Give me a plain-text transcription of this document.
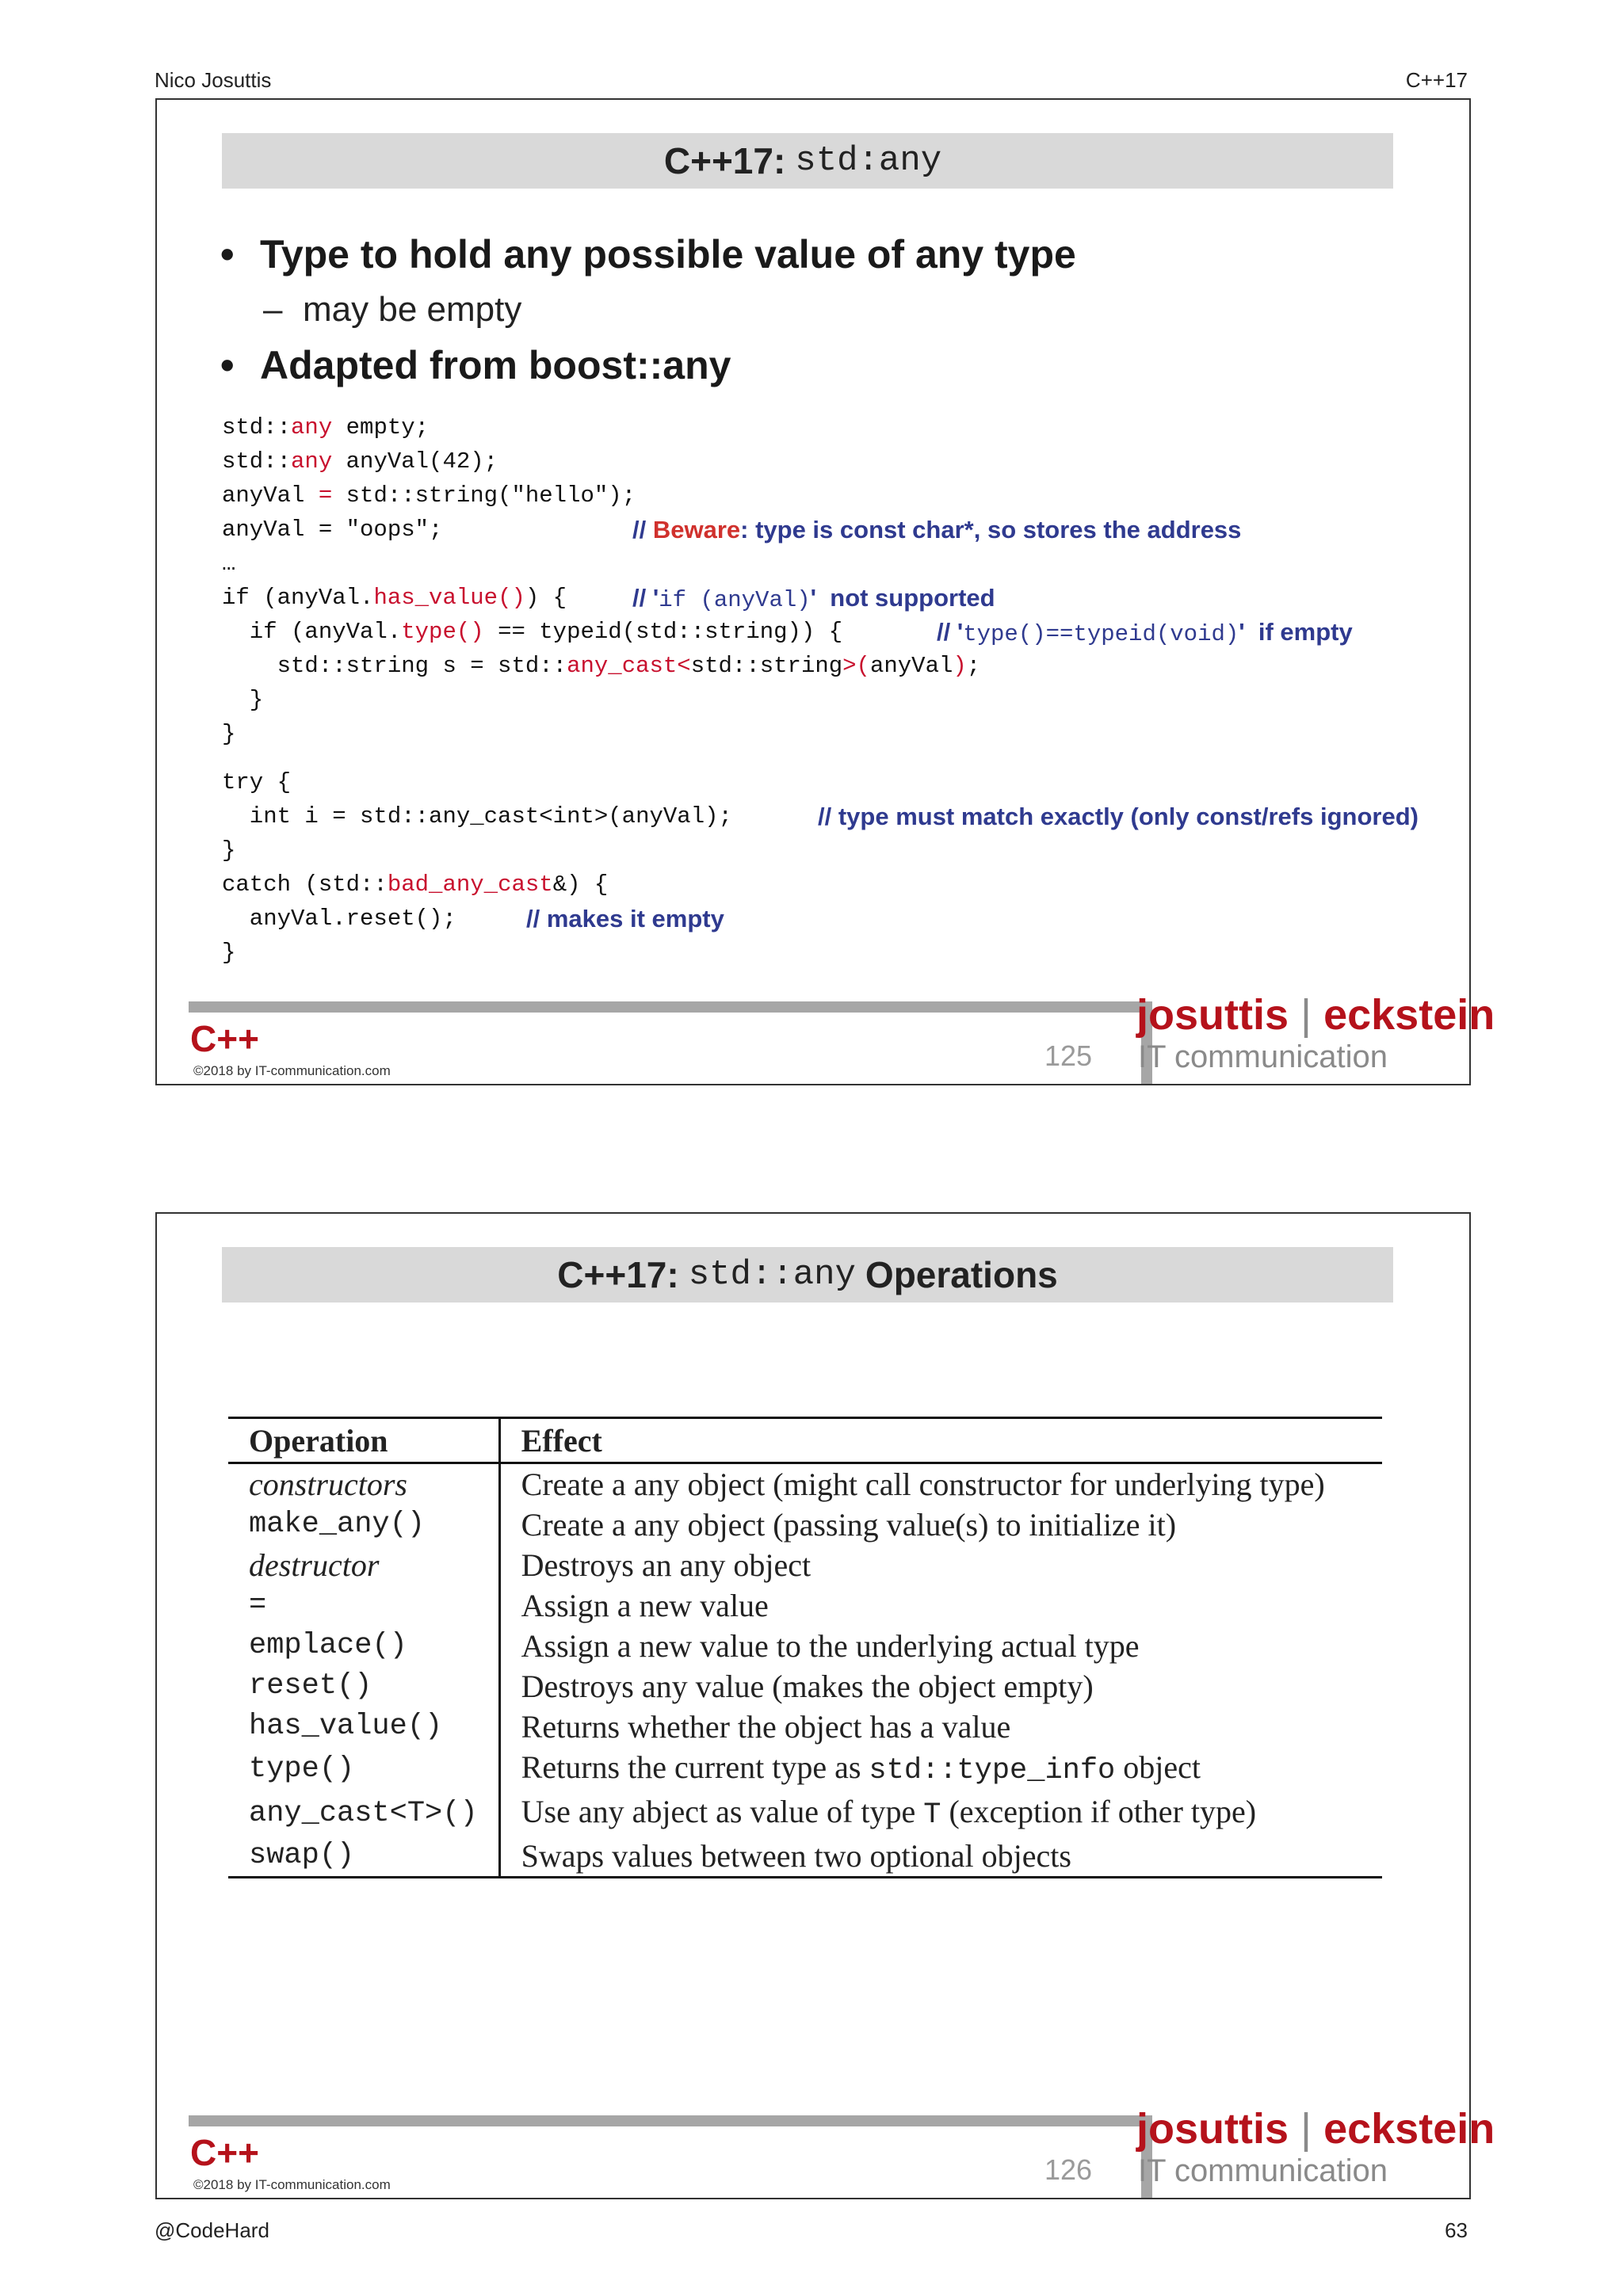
Nico Josuttis	C++17
C++17: std:any
• Type to hold any possible value of any type
– may be empty
• Adapted from boost::any
std::any empty;
std::any anyVal(42);
anyVal = std::string("hello");
anyVal = "oops";	// Beware: type is const char*, so stores the address
…
if (anyVal.has_value()) {	// 'if (anyVal)'  not supported
if (anyVal.type() == typeid(std::string)) {	// 'type()==typeid(void)'  if empty
std::string s = std::any_cast<std::string>(anyVal);
}
}
try {
int i = std::any_cast<int>(anyVal);	// type must match exactly (only const/refs ignored)
}
catch (std::bad_any_cast&) {
anyVal.reset();	// makes it empty
}
C++
©2018 by IT-communication.com	125
josuttis | eckstein
IT communication
C++17: std::any Operations
Operation	Effect
constructors	Create a any object (might call constructor for underlying type)
make_any()	Create a any object (passing value(s) to initialize it)
destructor	Destroys an any object
=	Assign a new value
emplace()	Assign a new value to the underlying actual type
reset()	Destroys any value (makes the object empty)
has_value()	Returns whether the object has a value
type()	Returns the current type as std::type_info object
any_cast<T>()	Use any abject as value of type T (exception if other type)
swap()	Swaps values between two optional objects
C++
©2018 by IT-communication.com	126
josuttis | eckstein
IT communication
@CodeHard	63
